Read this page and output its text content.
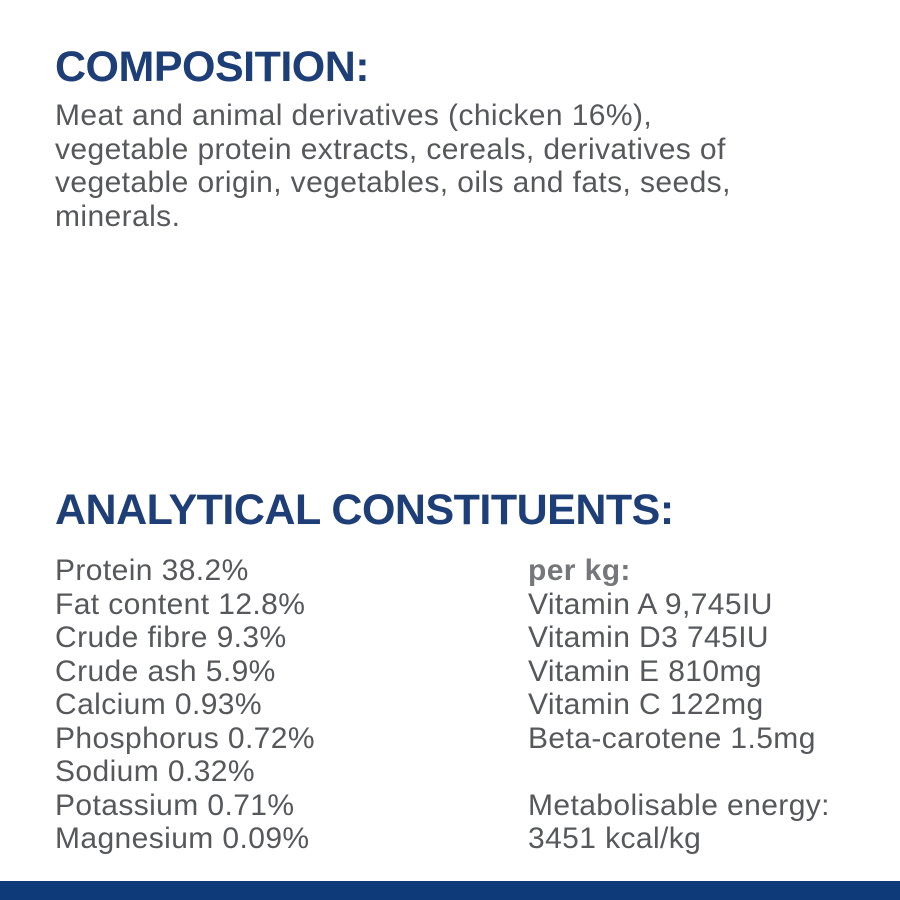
COMPOSITION:
Meat and animal derivatives (chicken 16%),
vegetable protein extracts, cereals, derivatives of
vegetable origin, vegetables, oils and fats, seeds,
minerals.
ANALYTICAL CONSTITUENTS:
Protein 38.2%
Fat content 12.8%
Crude fibre 9.3%
Crude ash 5.9%
Calcium 0.93%
Phosphorus 0.72%
Sodium 0.32%
Potassium 0.71%
Magnesium 0.09%
per kg:
Vitamin A 9,745IU
Vitamin D3 745IU
Vitamin E 810mg
Vitamin C 122mg
Beta-carotene 1.5mg
Metabolisable energy:
3451 kcal/kg
